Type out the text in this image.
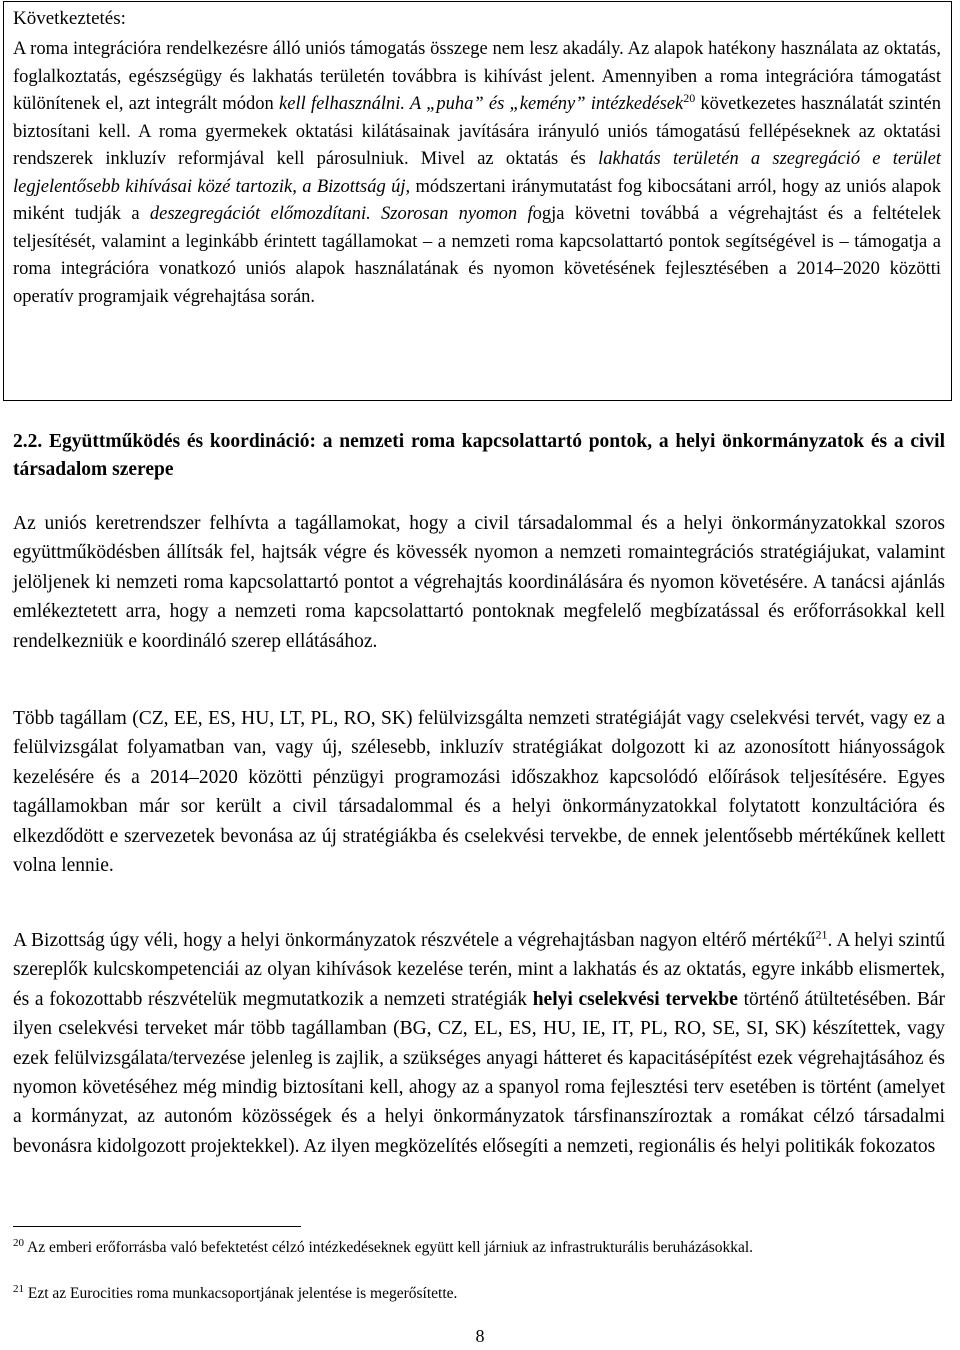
Következtetés:

A roma integrációra rendelkezésre álló uniós támogatás összege nem lesz akadály. Az alapok hatékony használata az oktatás, foglalkoztatás, egészségügy és lakhatás területén továbbra is kihívást jelent. Amennyiben a roma integrációra támogatást különítenek el, azt integrált módon kell felhasználni. A „puha” és „kemény” intézkedések$^{20}$ következetes használatát szintén biztosítani kell. A roma gyermekek oktatási kilátásainak javítására irányuló uniós támogatású fellépéseknek az oktatási rendszerek inkluzív reformjával kell párosulniuk. Mivel az oktatás és lakhatás területén a szegregáció e terület legjelentősebb kihívásai közé tartozik, a Bizottság új, módszertani iránymutatást fog kibocsátani arról, hogy az uniós alapok miként tudják a deszegregációt előmozdítani. Szorosan nyomon fogja követni továbbá a végrehajtást és a feltételek teljesítését, valamint a leginkább érintett tagállamokat – a nemzeti roma kapcsolattartó pontok segítségével is – támogatja a roma integrációra vonatkozó uniós alapok használatának és nyomon követésének fejlesztésében a 2014–2020 közötti operatív programjaik végrehajtása során.

2.2. Együttműködés és koordináció: a nemzeti roma kapcsolattartó pontok, a helyi önkormányzatok és a civil társadalom szerepe

Az uniós keretrendszer felhívta a tagállamokat, hogy a civil társadalommal és a helyi önkormányzatokkal szoros együttműködésben állítsák fel, hajtsák végre és kövessék nyomon a nemzeti romaintegrációs stratégiájukat, valamint jelöljenek ki nemzeti roma kapcsolattartó pontot a végrehajtás koordinálására és nyomon követésére. A tanácsi ajánlás emlékeztetett arra, hogy a nemzeti roma kapcsolattartó pontoknak megfelelő megbízatással és erőforrásokkal kell rendelkezniük e koordináló szerep ellátásához.

Több tagállam (CZ, EE, ES, HU, LT, PL, RO, SK) felülvizsgálta nemzeti stratégiáját vagy cselekvési tervét, vagy ez a felülvizsgálat folyamatban van, vagy új, szélesebb, inkluzív stratégiákat dolgozott ki az azonosított hiányosságok kezelésére és a 2014–2020 közötti pénzügyi programozási időszakhoz kapcsolódó előírások teljesítésére. Egyes tagállamokban már sor került a civil társadalommal és a helyi önkormányzatokkal folytatott konzultációra és elkezdődött e szervezetek bevonása az új stratégiákba és cselekvési tervekbe, de ennek jelentősebb mértékűnek kellett volna lennie.

A Bizottság úgy véli, hogy a helyi önkormányzatok részvétele a végrehajtásban nagyon eltérő mértékű$^{21}$. A helyi szintű szereplők kulcskompetenciái az olyan kihívások kezelése terén, mint a lakhatás és az oktatás, egyre inkább elismertek, és a fokozottabb részvételük megmutatkozik a nemzeti stratégiák helyi cselekvési tervekbe történő átültetésében. Bár ilyen cselekvési terveket már több tagállamban (BG, CZ, EL, ES, HU, IE, IT, PL, RO, SE, SI, SK) készítettek, vagy ezek felülvizsgálata/tervezése jelenleg is zajlik, a szükséges anyagi hátteret és kapacitásépítést ezek végrehajtásához és nyomon követéséhez még mindig biztosítani kell, ahogy az a spanyol roma fejlesztési terv esetében is történt (amelyet a kormányzat, az autonóm közösségek és a helyi önkormányzatok társfinanszíroztak a romákat célzó társadalmi bevonásra kidolgozott projektekkel). Az ilyen megközelítés elősegíti a nemzeti, regionális és helyi politikák fokozatos

$^{20}$ Az emberi erőforrásba való befektetést célzó intézkedéseknek együtt kell járniuk az infrastrukturális beruházásokkal.

$^{21}$ Ezt az Eurocities roma munkacsoportjának jelentése is megerősítette.

8
